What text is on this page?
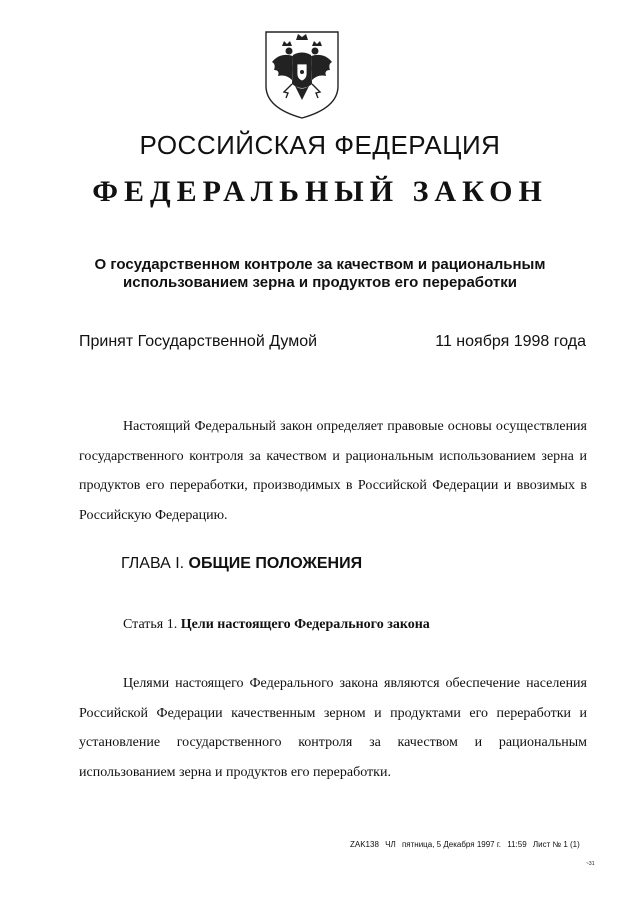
РОССИЙСКАЯ ФЕДЕРАЦИЯ
ФЕДЕРАЛЬНЫЙ ЗАКОН
О государственном контроле за качеством и рациональным
использованием зерна и продуктов его переработки
Принят Государственной Думой	11 ноября 1998 года

Настоящий Федеральный закон определяет правовые основы осуществления государственного контроля за качеством и рациональным использованием зерна и продуктов его переработки, производимых в Российской Федерации и ввозимых в Российскую Федерацию.

ГЛАВА I. ОБЩИЕ ПОЛОЖЕНИЯ
Статья 1. Цели настоящего Федерального закона

Целями настоящего Федерального закона являются обеспечение населения Российской Федерации качественным зерном и продуктами его переработки и установление государственного контроля за качеством и рациональным использованием зерна и продуктов его переработки.

ZAK138 ЧЛ пятница, 5 Декабря 1997 г. 11:59 Лист № 1 (1)
~31
